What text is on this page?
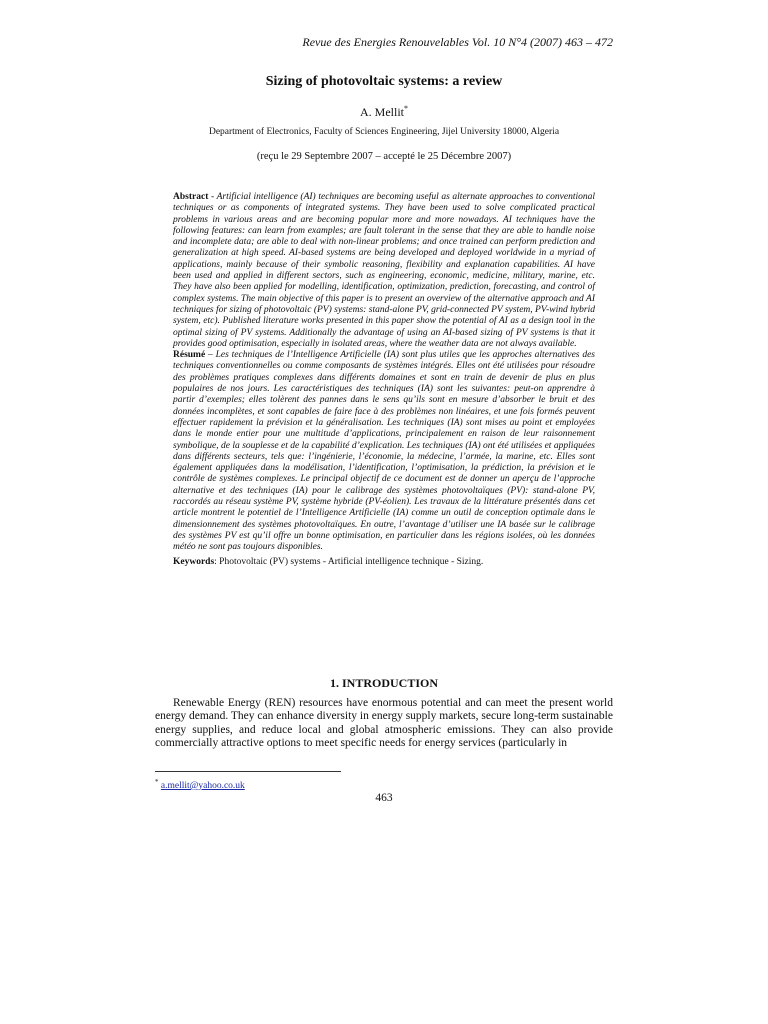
Revue des Energies Renouvelables Vol. 10 N°4 (2007) 463 – 472
Sizing of photovoltaic systems: a review
A. Mellit*
Department of Electronics, Faculty of Sciences Engineering, Jijel University 18000, Algeria
(reçu le 29 Septembre 2007 – accepté le 25 Décembre 2007)

Abstract - Artificial intelligence (AI) techniques are becoming useful as alternate approaches to conventional techniques or as components of integrated systems. They have been used to solve complicated practical problems in various areas and are becoming popular more and more nowadays. AI techniques have the following features: can learn from examples; are fault tolerant in the sense that they are able to handle noise and incomplete data; are able to deal with non-linear problems; and once trained can perform prediction and generalization at high speed. AI-based systems are being developed and deployed worldwide in a myriad of applications, mainly because of their symbolic reasoning, flexibility and explanation capabilities. AI have been used and applied in different sectors, such as engineering, economic, medicine, military, marine, etc. They have also been applied for modelling, identification, optimization, prediction, forecasting, and control of complex systems. The main objective of this paper is to present an overview of the alternative approach and AI techniques for sizing of photovoltaic (PV) systems: stand-alone PV, grid-connected PV system, PV-wind hybrid system, etc). Published literature works presented in this paper show the potential of AI as a design tool in the optimal sizing of PV systems. Additionally the advantage of using an AI-based sizing of PV systems is that it provides good optimisation, especially in isolated areas, where the weather data are not always available.

Résumé – Les techniques de l’Intelligence Artificielle (IA) sont plus utiles que les approches alternatives des techniques conventionnelles ou comme composants de systèmes intégrés. Elles ont été utilisées pour résoudre des problèmes pratiques complexes dans différents domaines et sont en train de devenir de plus en plus populaires de nos jours. Les caractéristiques des techniques (IA) sont les suivantes: peut-on apprendre à partir d’exemples; elles tolèrent des pannes dans le sens qu’ils sont en mesure d’absorber le bruit et des données incomplètes, et sont capables de faire face à des problèmes non linéaires, et une fois formés peuvent effectuer rapidement la prévision et la généralisation. Les techniques (IA) sont mises au point et employées dans le monde entier pour une multitude d’applications, principalement en raison de leur raisonnement symbolique, de la souplesse et de la capabilité d’explication. Les techniques (IA) ont été utilisées et appliquées dans différents secteurs, tels que: l’ingénierie, l’économie, la médecine, l’armée, la marine, etc. Elles sont également appliquées dans la modélisation, l’identification, l’optimisation, la prédiction, la prévision et le contrôle de systèmes complexes. Le principal objectif de ce document est de donner un aperçu de l’approche alternative et des techniques (IA) pour le calibrage des systèmes photovoltaïques (PV): stand-alone PV, raccordés au réseau système PV, système hybride (PV-éolien). Les travaux de la littérature présentés dans cet article montrent le potentiel de l’Intelligence Artificielle (IA) comme un outil de conception optimale dans le dimensionnement des systèmes photovoltaïques. En outre, l’avantage d’utiliser une IA basée sur le calibrage des systèmes PV est qu’il offre un bonne optimisation, en particulier dans les régions isolées, où les données météo ne sont pas toujours disponibles.

Keywords: Photovoltaic (PV) systems - Artificial intelligence technique - Sizing.

1. INTRODUCTION

Renewable Energy (REN) resources have enormous potential and can meet the present world energy demand. They can enhance diversity in energy supply markets, secure long-term sustainable energy supplies, and reduce local and global atmospheric emissions. They can also provide commercially attractive options to meet specific needs for energy services (particularly in

* a.mellit@yahoo.co.uk
463
